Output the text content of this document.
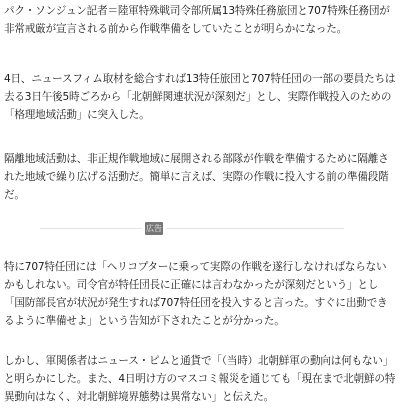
パク・ソンジュン記者＝陸軍特殊戦司令部所属13特殊任務旅団と707特殊任務団が非常戒厳が宣言される前から作戦準備をしていたことが明らかになった。

4日、ニュースフィム取材を総合すれば13特任旅団と707特任団の一部の要員たちは去る3日午後5時ごろから「北朝鮮関連状況が深刻だ」とし、実際作戦投入のための「格理地域活動」に突入した。

隔離地域活動は、非正規作戦地域に展開される部隊が作戦を準備するために隔離された地域で繰り広げる活動だ。簡単に言えば、実際の作戦に投入する前の準備段階だ。

広告

特に707特任団には「ヘリコプターに乗って実際の作戦を遂行しなければならないかもしれない。司令官が特任団長に正確には言わなかったが深刻だという」とし「国防部長官が状況が発生すれば707特任団を投入すると言った。すぐに出動できるように準備せよ」という告知が下されたことが分かった。

しかし、軍関係者はニュース・ピムと通貨で「（当時）北朝鮮軍の動向は何もない」と明らかにした。また、4日明け方のマスコミ報災を通じても「現在まで北朝鮮の特異動向はなく、対北朝鮮境界態勢は異常ない」と伝えた。
